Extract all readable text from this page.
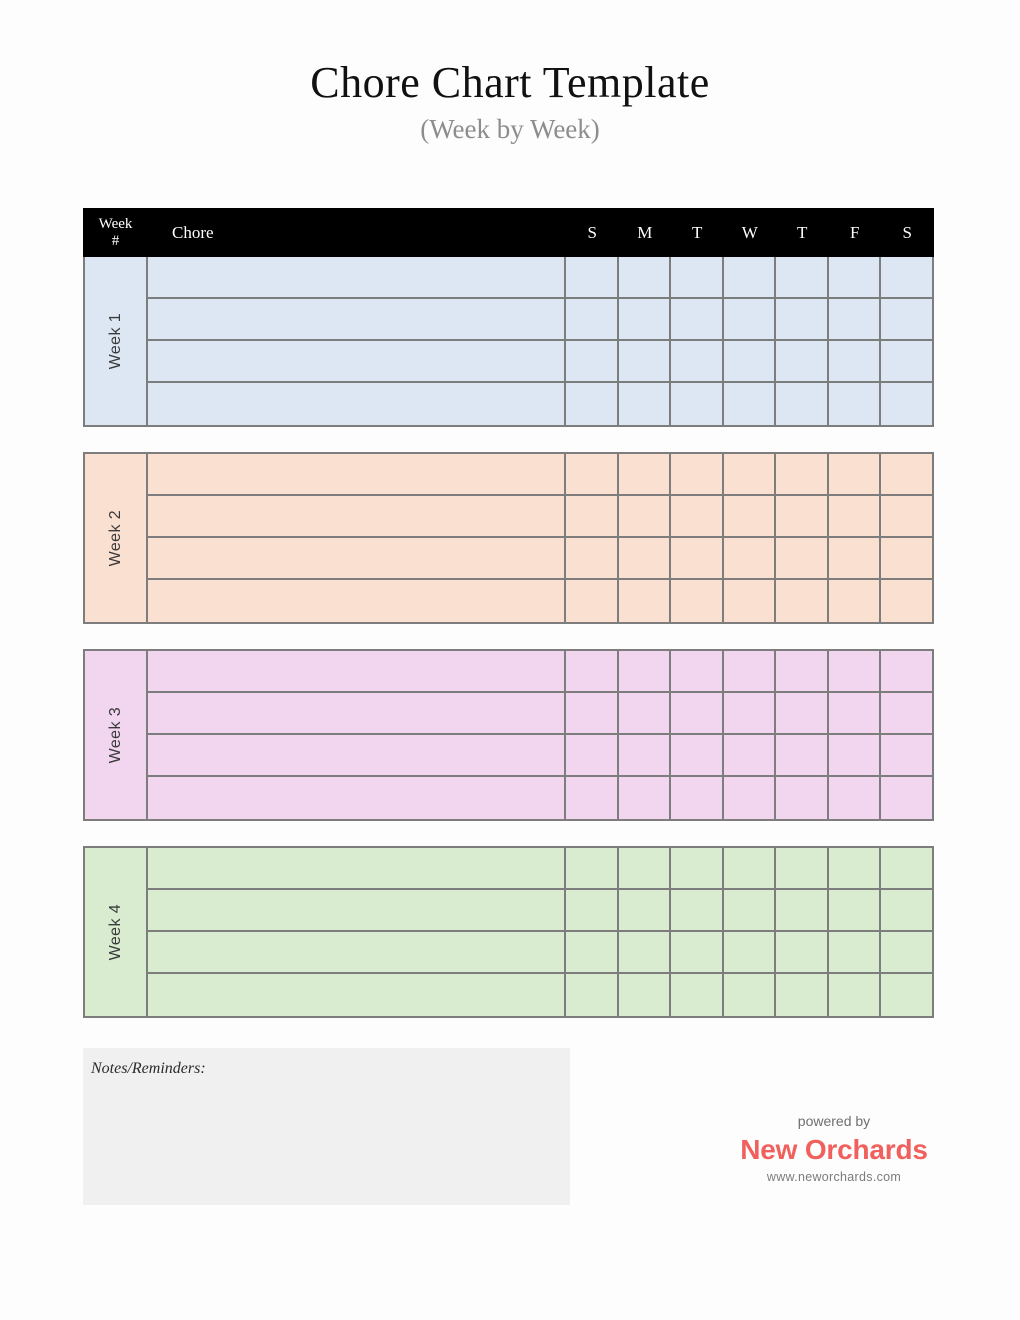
Chore Chart Template
(Week by Week)
Week
#	Chore	S	M	T	W	T	F	S
Week 1
Week 2
Week 3
Week 4
Notes/Reminders:
powered by
New Orchards
www.neworchards.com
